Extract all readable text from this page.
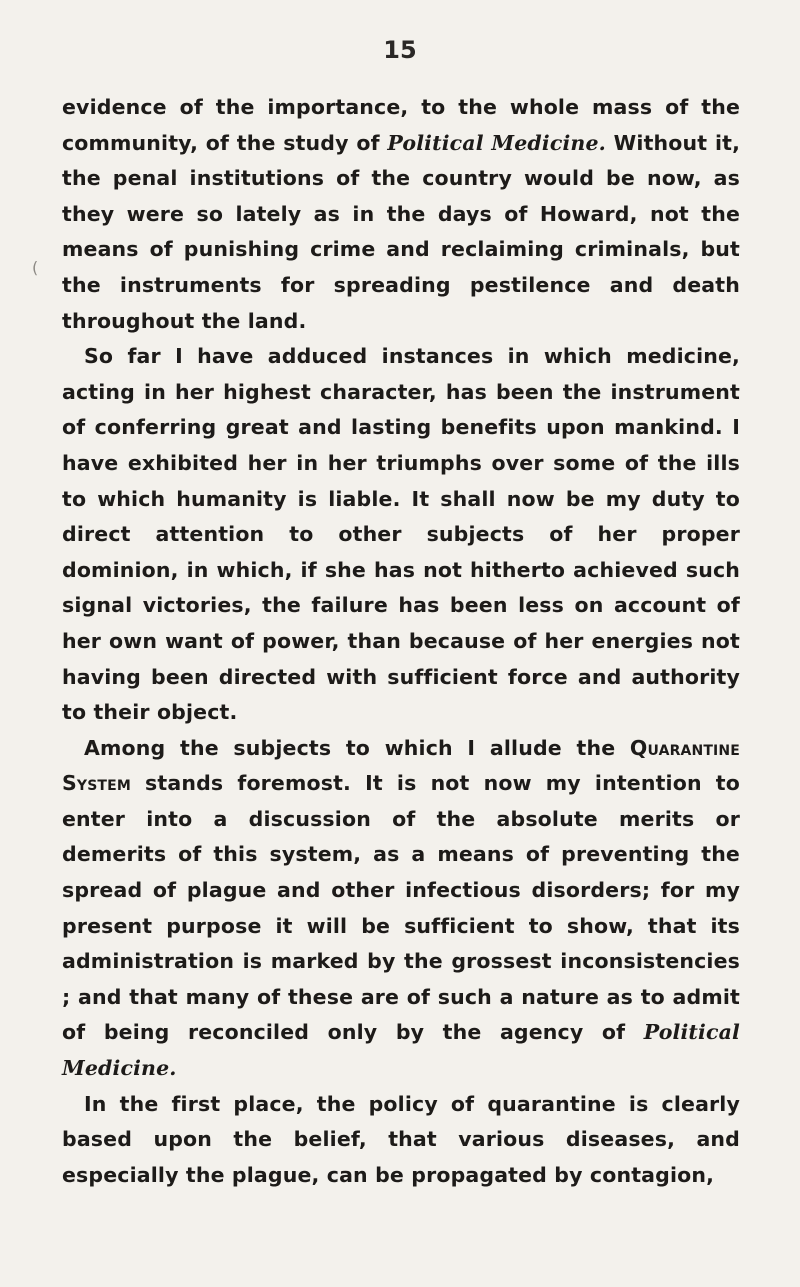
15
(

evidence of the importance, to the whole mass of the community, of the study of Political Medicine. Without it, the penal institutions of the country would be now, as they were so lately as in the days of Howard, not the means of punishing crime and reclaiming criminals, but the instruments for spreading pestilence and death throughout the land.

So far I have adduced instances in which medicine, acting in her highest character, has been the instrument of conferring great and lasting benefits upon mankind. I have exhibited her in her triumphs over some of the ills to which humanity is liable. It shall now be my duty to direct attention to other subjects of her proper dominion, in which, if she has not hitherto achieved such signal victories, the failure has been less on account of her own want of power, than because of her energies not having been directed with sufficient force and authority to their object.

Among the subjects to which I allude the Quarantine System stands foremost. It is not now my intention to enter into a discussion of the absolute merits or demerits of this system, as a means of preventing the spread of plague and other infectious disorders; for my present purpose it will be sufficient to show, that its administration is marked by the grossest inconsistencies ; and that many of these are of such a nature as to admit of being reconciled only by the agency of Political Medicine.

In the first place, the policy of quarantine is clearly based upon the belief, that various diseases, and especially the plague, can be propagated by contagion,
